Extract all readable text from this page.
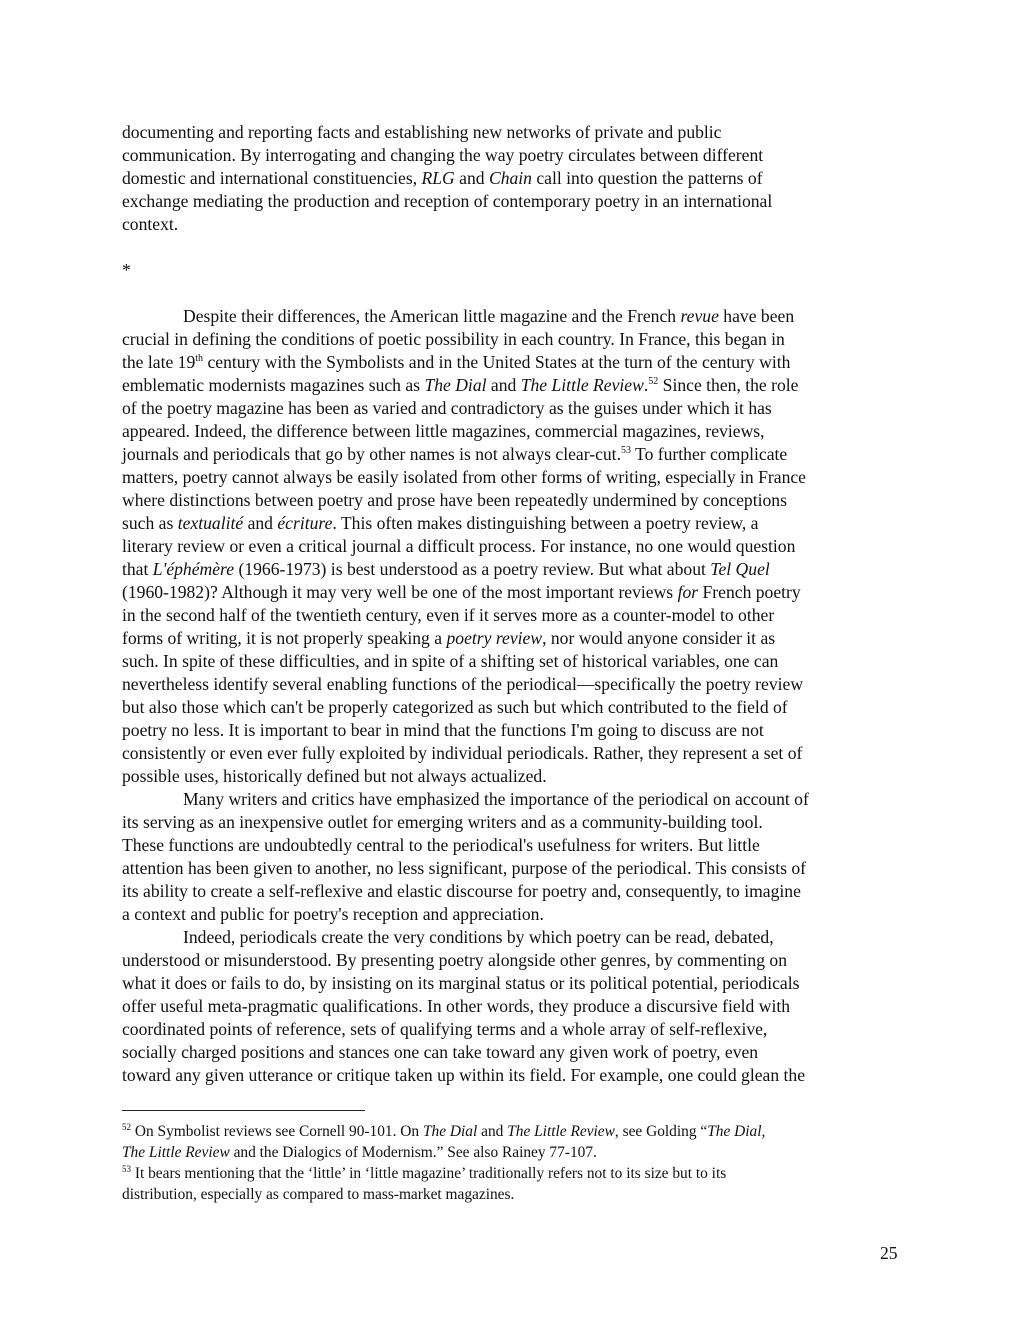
documenting and reporting facts and establishing new networks of private and public
communication. By interrogating and changing the way poetry circulates between different
domestic and international constituencies, RLG and Chain call into question the patterns of
exchange mediating the production and reception of contemporary poetry in an international
context.
*
Despite their differences, the American little magazine and the French revue have been
crucial in defining the conditions of poetic possibility in each country. In France, this began in
the late 19th century with the Symbolists and in the United States at the turn of the century with
emblematic modernists magazines such as The Dial and The Little Review.$^{52}$ Since then, the role
of the poetry magazine has been as varied and contradictory as the guises under which it has
appeared. Indeed, the difference between little magazines, commercial magazines, reviews,
journals and periodicals that go by other names is not always clear-cut.$^{53}$ To further complicate
matters, poetry cannot always be easily isolated from other forms of writing, especially in France
where distinctions between poetry and prose have been repeatedly undermined by conceptions
such as textualité and écriture. This often makes distinguishing between a poetry review, a
literary review or even a critical journal a difficult process. For instance, no one would question
that L'éphémère (1966-1973) is best understood as a poetry review. But what about Tel Quel
(1960-1982)? Although it may very well be one of the most important reviews for French poetry
in the second half of the twentieth century, even if it serves more as a counter-model to other
forms of writing, it is not properly speaking a poetry review, nor would anyone consider it as
such. In spite of these difficulties, and in spite of a shifting set of historical variables, one can
nevertheless identify several enabling functions of the periodical—specifically the poetry review
but also those which can't be properly categorized as such but which contributed to the field of
poetry no less. It is important to bear in mind that the functions I'm going to discuss are not
consistently or even ever fully exploited by individual periodicals. Rather, they represent a set of
possible uses, historically defined but not always actualized.
Many writers and critics have emphasized the importance of the periodical on account of
its serving as an inexpensive outlet for emerging writers and as a community-building tool.
These functions are undoubtedly central to the periodical's usefulness for writers. But little
attention has been given to another, no less significant, purpose of the periodical. This consists of
its ability to create a self-reflexive and elastic discourse for poetry and, consequently, to imagine
a context and public for poetry's reception and appreciation.
Indeed, periodicals create the very conditions by which poetry can be read, debated,
understood or misunderstood. By presenting poetry alongside other genres, by commenting on
what it does or fails to do, by insisting on its marginal status or its political potential, periodicals
offer useful meta-pragmatic qualifications. In other words, they produce a discursive field with
coordinated points of reference, sets of qualifying terms and a whole array of self-reflexive,
socially charged positions and stances one can take toward any given work of poetry, even
toward any given utterance or critique taken up within its field. For example, one could glean the
$^{52}$ On Symbolist reviews see Cornell 90-101. On The Dial and The Little Review, see Golding “The Dial,
The Little Review and the Dialogics of Modernism.” See also Rainey 77-107.
$^{53}$ It bears mentioning that the ‘little’ in ‘little magazine’ traditionally refers not to its size but to its
distribution, especially as compared to mass-market magazines.
25
